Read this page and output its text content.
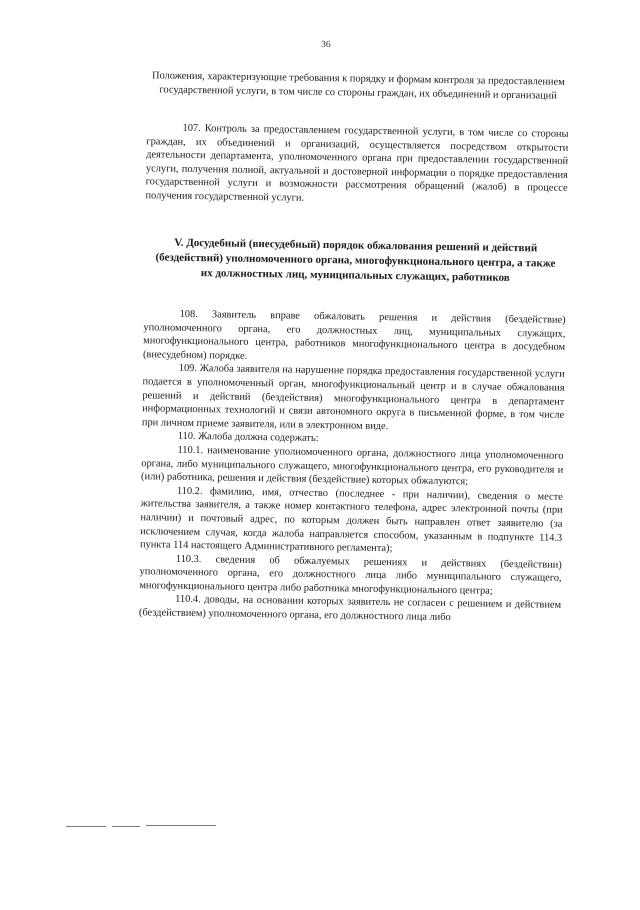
36

Положения, характеризующие требования к порядку и формам контроля за предоставлением государственной услуги, в том числе со стороны граждан, их объединений и организаций

107. Контроль за предоставлением государственной услуги, в том числе со стороны граждан, их объединений и организаций, осуществляется посредством открытости деятельности департамента, уполномоченного органа при предоставлении государственной услуги, получения полной, актуальной и достоверной информации о порядке предоставления государственной услуги и возможности рассмотрения обращений (жалоб) в процессе получения государственной услуги.

V. Досудебный (внесудебный) порядок обжалования решений и действий (бездействий) уполномоченного органа, многофункционального центра, а также их должностных лиц, муниципальных служащих, работников

108. Заявитель вправе обжаловать решения и действия (бездействие) уполномоченного органа, его должностных лиц, муниципальных служащих, многофункционального центра, работников многофункционального центра в досудебном (внесудебном) порядке.

109. Жалоба заявителя на нарушение порядка предоставления государственной услуги подается в уполномоченный орган, многофункциональный центр и в случае обжалования решений и действий (бездействия) многофункционального центра в департамент информационных технологий и связи автономного округа в письменной форме, в том числе при личном приеме заявителя, или в электронном виде.

110. Жалоба должна содержать:

110.1. наименование уполномоченного органа, должностного лица уполномоченного органа, либо муниципального служащего, многофункционального центра, его руководителя и (или) работника, решения и действия (бездействие) которых обжалуются;

110.2. фамилию, имя, отчество (последнее - при наличии), сведения о месте жительства заявителя, а также номер контактного телефона, адрес электронной почты (при наличии) и почтовый адрес, по которым должен быть направлен ответ заявителю (за исключением случая, когда жалоба направляется способом, указанным в подпункте 114.3 пункта 114 настоящего Административного регламента);

110.3. сведения об обжалуемых решениях и действиях (бездействии) уполномоченного органа, его должностного лица либо муниципального служащего, многофункционального центра либо работника многофункционального центра;

110.4. доводы, на основании которых заявитель не согласен с решением и действием (бездействием) уполномоченного органа, его должностного лица либо
